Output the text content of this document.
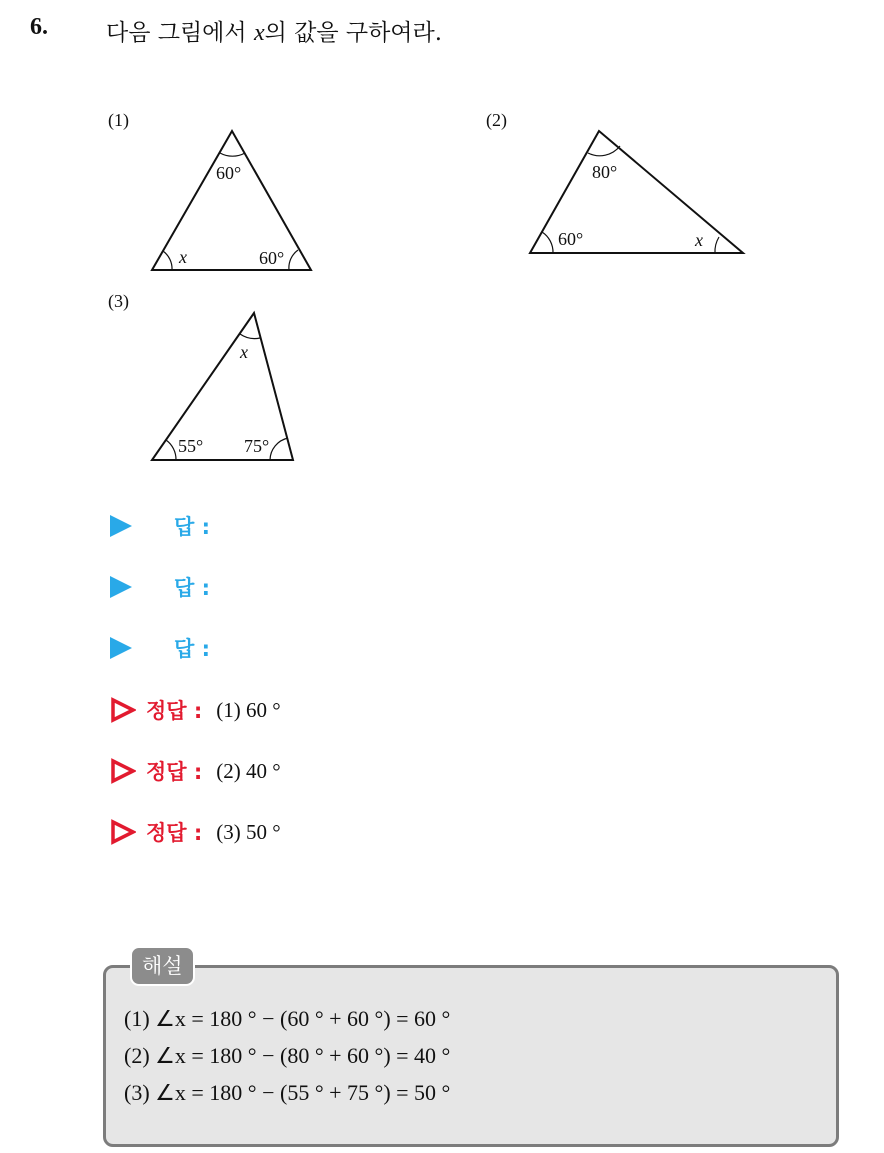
6.	다음 그림에서 x의 값을 구하여라.
(1)	(2)
(3)
60°
x	60°
80°
60°	x
x
55° 75°
답 :
답 :
답 :
정답 : (1) 60 °
정답 : (2) 40 °
정답 : (3) 50 °
해설
(1) ∠x = 180 ° − (60 ° + 60 °) = 60 °
(2) ∠x = 180 ° − (80 ° + 60 °) = 40 °
(3) ∠x = 180 ° − (55 ° + 75 °) = 50 °
